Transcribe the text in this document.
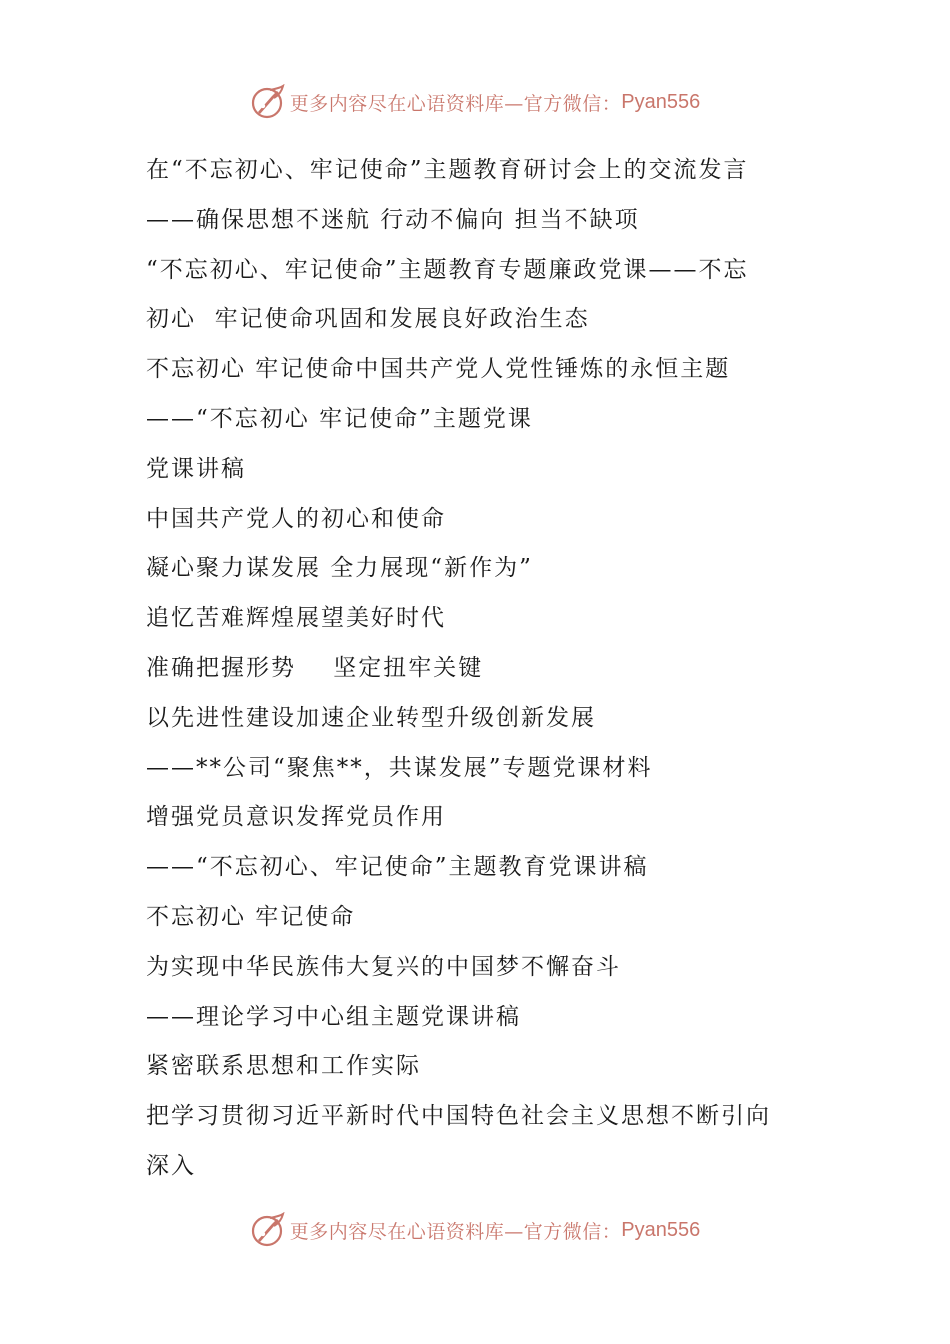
更多内容尽在心语资料库—官方微信： Pyan556
在“不忘初心、牢记使命”主题教育研讨会上的交流发言
——确保思想不迷航 行动不偏向 担当不缺项
“不忘初心、牢记使命”主题教育专题廉政党课——不忘
初心  牢记使命巩固和发展良好政治生态
不忘初心 牢记使命中国共产党人党性锤炼的永恒主题
——“不忘初心 牢记使命”主题党课
党课讲稿
中国共产党人的初心和使命
凝心聚力谋发展 全力展现“新作为”
追忆苦难辉煌展望美好时代
准确把握形势    坚定扭牢关键
以先进性建设加速企业转型升级创新发展
——**公司“聚焦**，共谋发展”专题党课材料
增强党员意识发挥党员作用
——“不忘初心、牢记使命”主题教育党课讲稿
不忘初心 牢记使命
为实现中华民族伟大复兴的中国梦不懈奋斗
——理论学习中心组主题党课讲稿
紧密联系思想和工作实际
把学习贯彻习近平新时代中国特色社会主义思想不断引向
深入
更多内容尽在心语资料库—官方微信： Pyan556
